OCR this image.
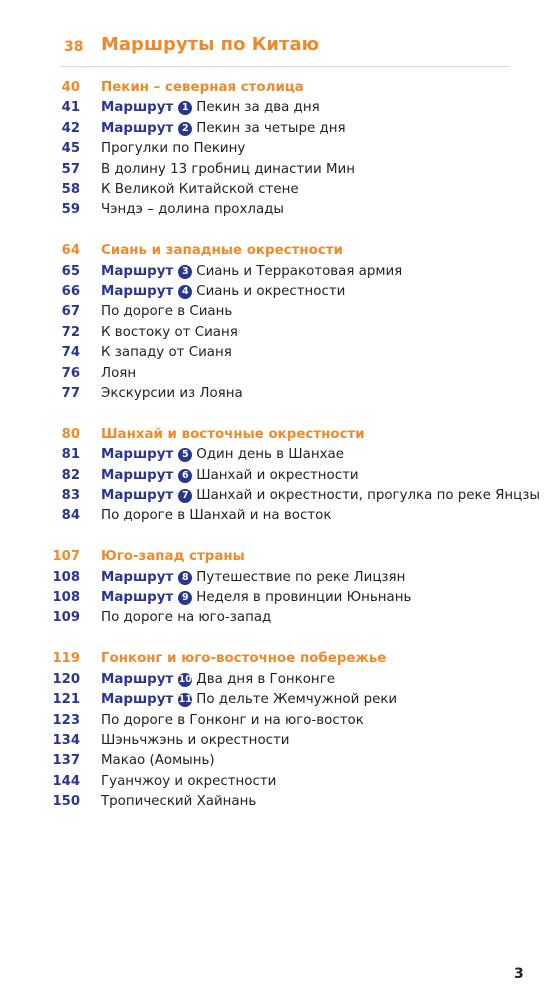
38 Маршруты по Китаю
40 Пекин – северная столица
41 Маршрут 1 Пекин за два дня
42 Маршрут 2 Пекин за четыре дня
45 Прогулки по Пекину
57 В долину 13 гробниц династии Мин
58 К Великой Китайской стене
59 Чэндэ – долина прохлады
64 Сиань и западные окрестности
65 Маршрут 3 Сиань и Терракотовая армия
66 Маршрут 4 Сиань и окрестности
67 По дороге в Сиань
72 К востоку от Сианя
74 К западу от Сианя
76 Лоян
77 Экскурсии из Лояна
80 Шанхай и восточные окрестности
81 Маршрут 5 Один день в Шанхае
82 Маршрут 6 Шанхай и окрестности
83 Маршрут 7 Шанхай и окрестности, прогулка по реке Янцзы
84 По дороге в Шанхай и на восток
107 Юго-запад страны
108 Маршрут 8 Путешествие по реке Лицзян
108 Маршрут 9 Неделя в провинции Юньнань
109 По дороге на юго-запад
119 Гонконг и юго-восточное побережье
120 Маршрут 10 Два дня в Гонконге
121 Маршрут 11 По дельте Жемчужной реки
123 По дороге в Гонконг и на юго-восток
134 Шэньчжэнь и окрестности
137 Макао (Аомынь)
144 Гуанчжоу и окрестности
150 Тропический Хайнань
3
